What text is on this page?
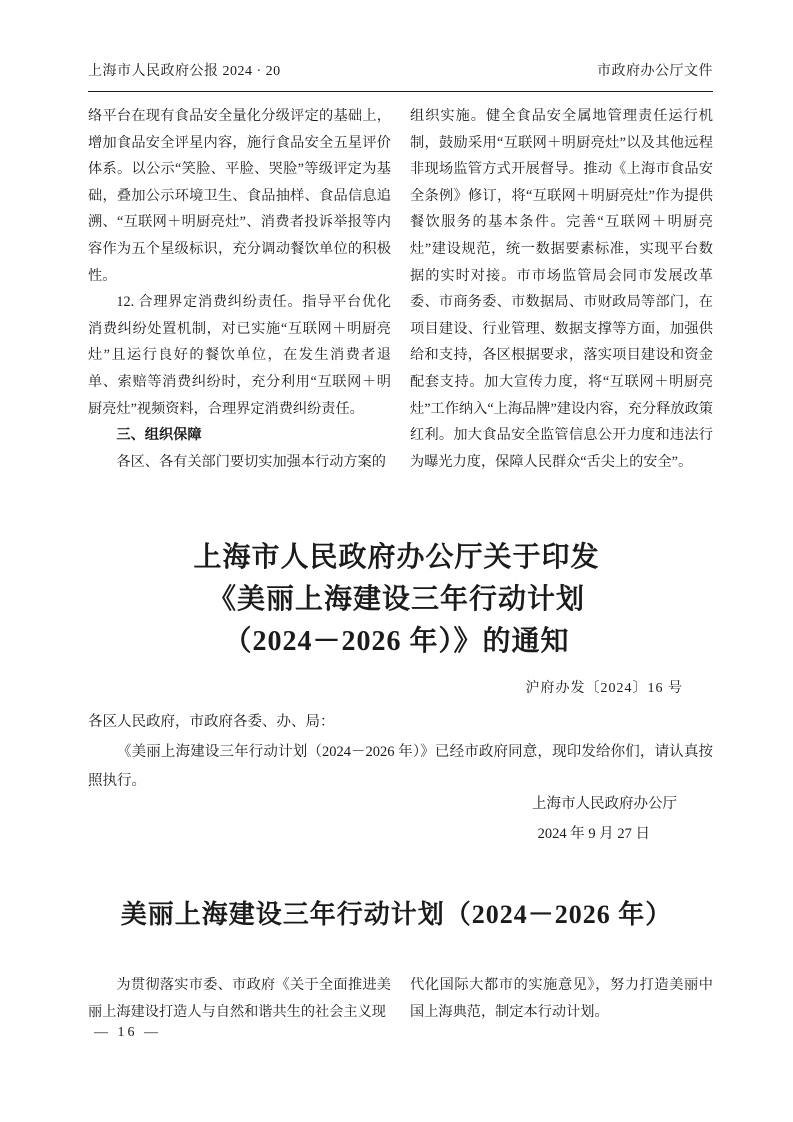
上海市人民政府公报 2024 · 20	市政府办公厅文件
络平台在现有食品安全量化分级评定的基础上，增加食品安全评星内容，施行食品安全五星评价体系。以公示“笑脸、平脸、哭脸”等级评定为基础，叠加公示环境卫生、食品抽样、食品信息追溯、“互联网＋明厨亮灶”、消费者投诉举报等内容作为五个星级标识，充分调动餐饮单位的积极性。
12. 合理界定消费纠纷责任。指导平台优化消费纠纷处置机制，对已实施“互联网＋明厨亮灶”且运行良好的餐饮单位，在发生消费者退单、索赔等消费纠纷时，充分利用“互联网＋明厨亮灶”视频资料，合理界定消费纠纷责任。
三、组织保障
各区、各有关部门要切实加强本行动方案的
组织实施。健全食品安全属地管理责任运行机制，鼓励采用“互联网＋明厨亮灶”以及其他远程非现场监管方式开展督导。推动《上海市食品安全条例》修订，将“互联网＋明厨亮灶”作为提供餐饮服务的基本条件。完善“互联网＋明厨亮灶”建设规范，统一数据要素标准，实现平台数据的实时对接。市市场监管局会同市发展改革委、市商务委、市数据局、市财政局等部门，在项目建设、行业管理、数据支撑等方面，加强供给和支持，各区根据要求，落实项目建设和资金配套支持。加大宣传力度，将“互联网＋明厨亮灶”工作纳入“上海品牌”建设内容，充分释放政策红利。加大食品安全监管信息公开力度和违法行为曝光力度，保障人民群众“舌尖上的安全”。
上海市人民政府办公厅关于印发
《美丽上海建设三年行动计划
（2024－2026 年）》的通知
沪府办发〔2024〕16 号
各区人民政府，市政府各委、办、局：
《美丽上海建设三年行动计划（2024－2026 年）》已经市政府同意，现印发给你们，请认真按照执行。
上海市人民政府办公厅
2024 年 9 月 27 日
美丽上海建设三年行动计划（2024－2026 年）
为贯彻落实市委、市政府《关于全面推进美丽上海建设打造人与自然和谐共生的社会主义现
代化国际大都市的实施意见》，努力打造美丽中国上海典范，制定本行动计划。
— 16 —
